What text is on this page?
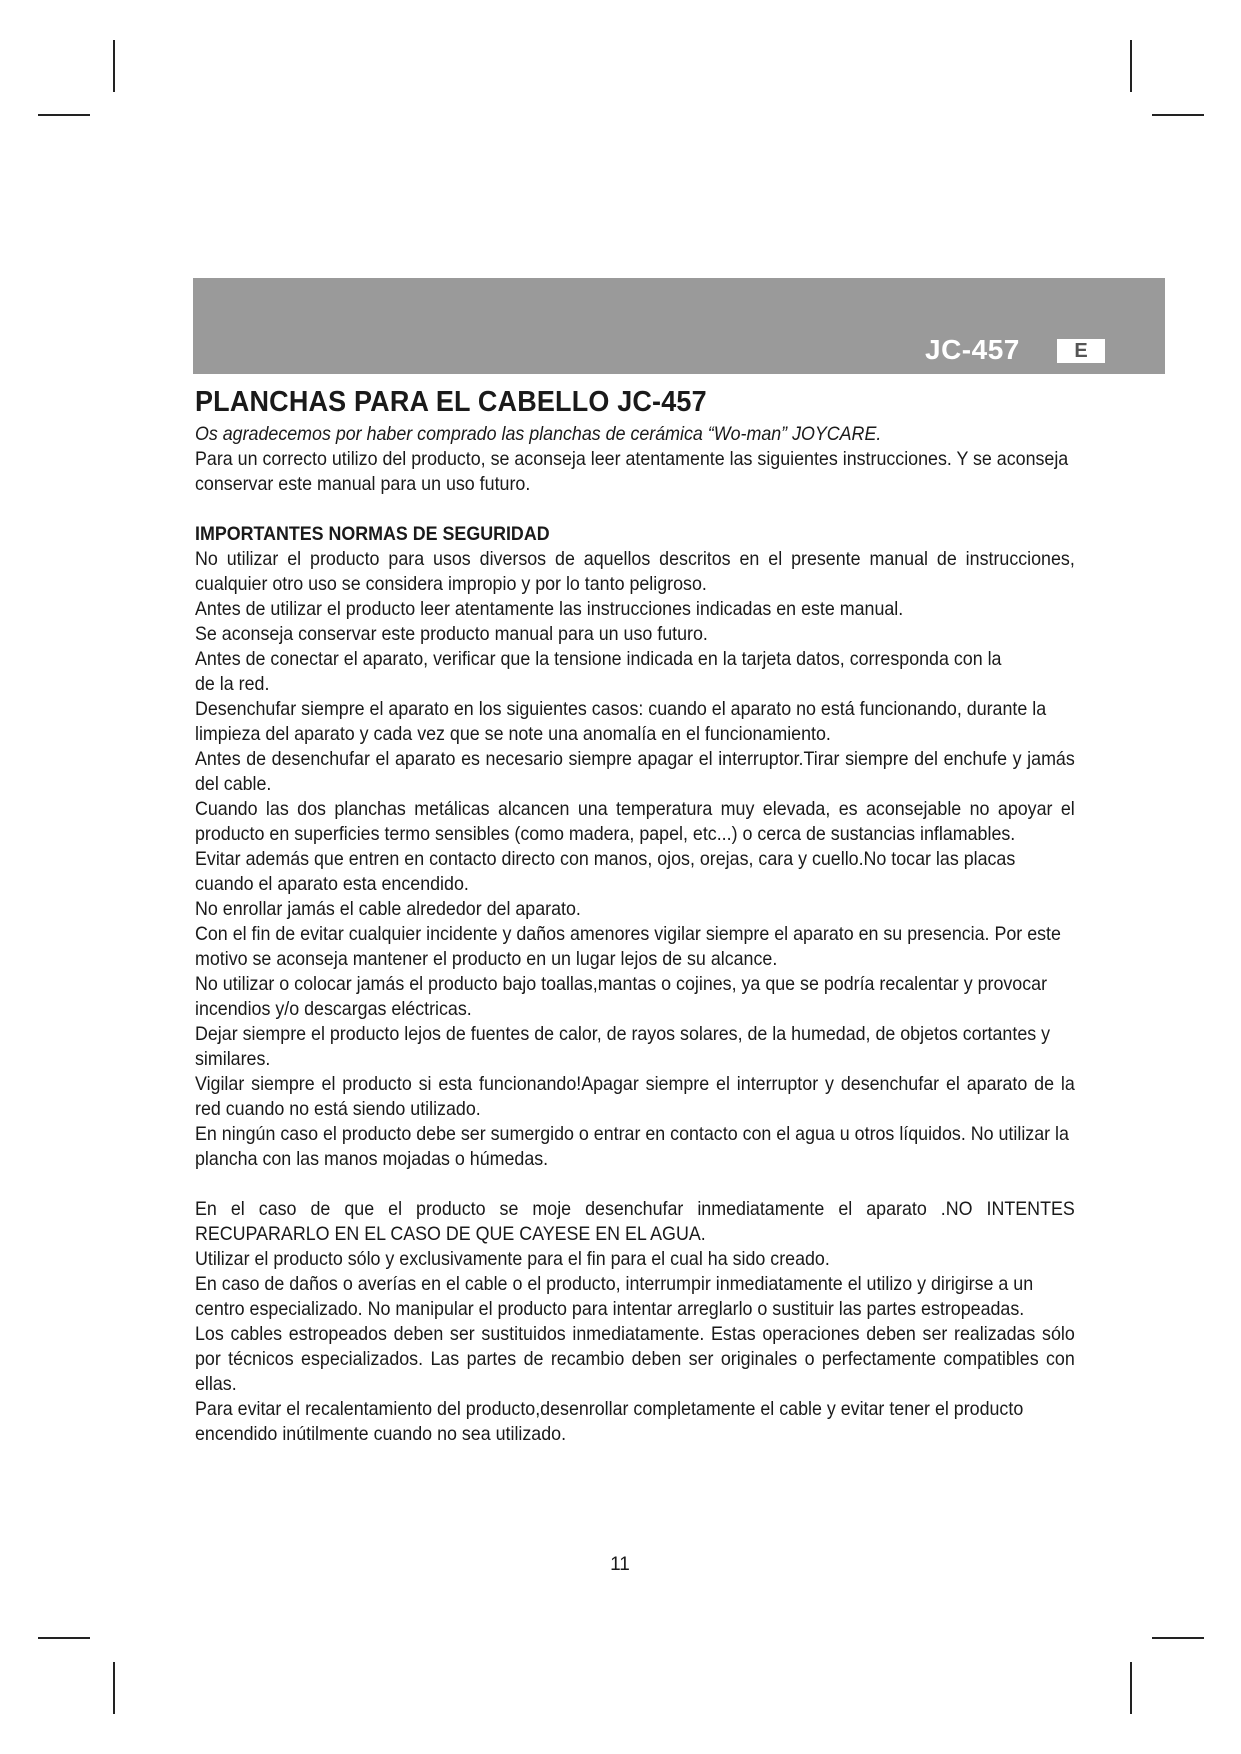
JC-457	E
PLANCHAS PARA EL CABELLO JC-457

Os agradecemos por haber comprado las planchas de cerámica “Wo-man” JOYCARE.

Para un correcto utilizo del producto, se aconseja leer atentamente las siguientes instrucciones. Y se aconseja conservar este manual para un uso futuro.

IMPORTANTES NORMAS DE SEGURIDAD

No utilizar el producto para usos diversos de aquellos descritos en el presente manual de instrucciones, cualquier otro uso se considera impropio y por lo tanto peligroso.

Antes de utilizar el producto leer atentamente las instrucciones indicadas en este manual.

Se aconseja conservar este producto manual para un uso futuro.

Antes de conectar el aparato, verificar que la tensione indicada en la tarjeta datos, corresponda con la de la red.

Desenchufar siempre el aparato en los siguientes casos: cuando el aparato no está funcionando, durante la limpieza del aparato y cada vez que se note una anomalía en el funcionamiento.

Antes de desenchufar el aparato es necesario siempre apagar el interruptor.Tirar siempre del enchufe y jamás del cable.

Cuando las dos planchas metálicas alcancen una temperatura muy elevada, es aconsejable no apoyar el producto en superficies termo sensibles (como madera, papel, etc...) o cerca de sustancias inflamables.

Evitar además que entren en contacto directo con manos, ojos, orejas, cara y cuello.No tocar las placas cuando el aparato esta encendido.

No enrollar jamás el cable alrededor del aparato.

Con el fin de evitar cualquier incidente y daños amenores vigilar siempre el aparato en su presencia. Por este motivo se aconseja mantener el producto en un lugar lejos de su alcance.

No utilizar o colocar jamás el producto bajo toallas,mantas o cojines, ya que se podría recalentar y provocar incendios y/o descargas eléctricas.

Dejar siempre el producto lejos de fuentes de calor, de rayos solares, de la humedad, de objetos cortantes y similares.

Vigilar siempre el producto si esta funcionando!Apagar siempre el interruptor y desenchufar el aparato de la red cuando no está siendo utilizado.

En ningún caso el producto debe ser sumergido o entrar en contacto con el agua u otros líquidos. No utilizar la plancha con las manos mojadas o húmedas.

En el caso de que el producto se moje desenchufar inmediatamente el aparato .NO INTENTES RECUPARARLO EN EL CASO DE QUE CAYESE EN EL AGUA.

Utilizar el producto sólo y exclusivamente para el fin para el cual ha sido creado.

En caso de daños o averías en el cable o el producto, interrumpir inmediatamente el utilizo y dirigirse a un centro especializado. No manipular el producto para intentar arreglarlo o sustituir las partes estropeadas.

Los cables estropeados deben ser sustituidos inmediatamente. Estas operaciones deben ser realizadas sólo por técnicos especializados. Las partes de recambio deben ser originales o perfectamente compatibles con ellas.

Para evitar el recalentamiento del producto,desenrollar completamente el cable y evitar tener el producto encendido inútilmente cuando no sea utilizado.

11
